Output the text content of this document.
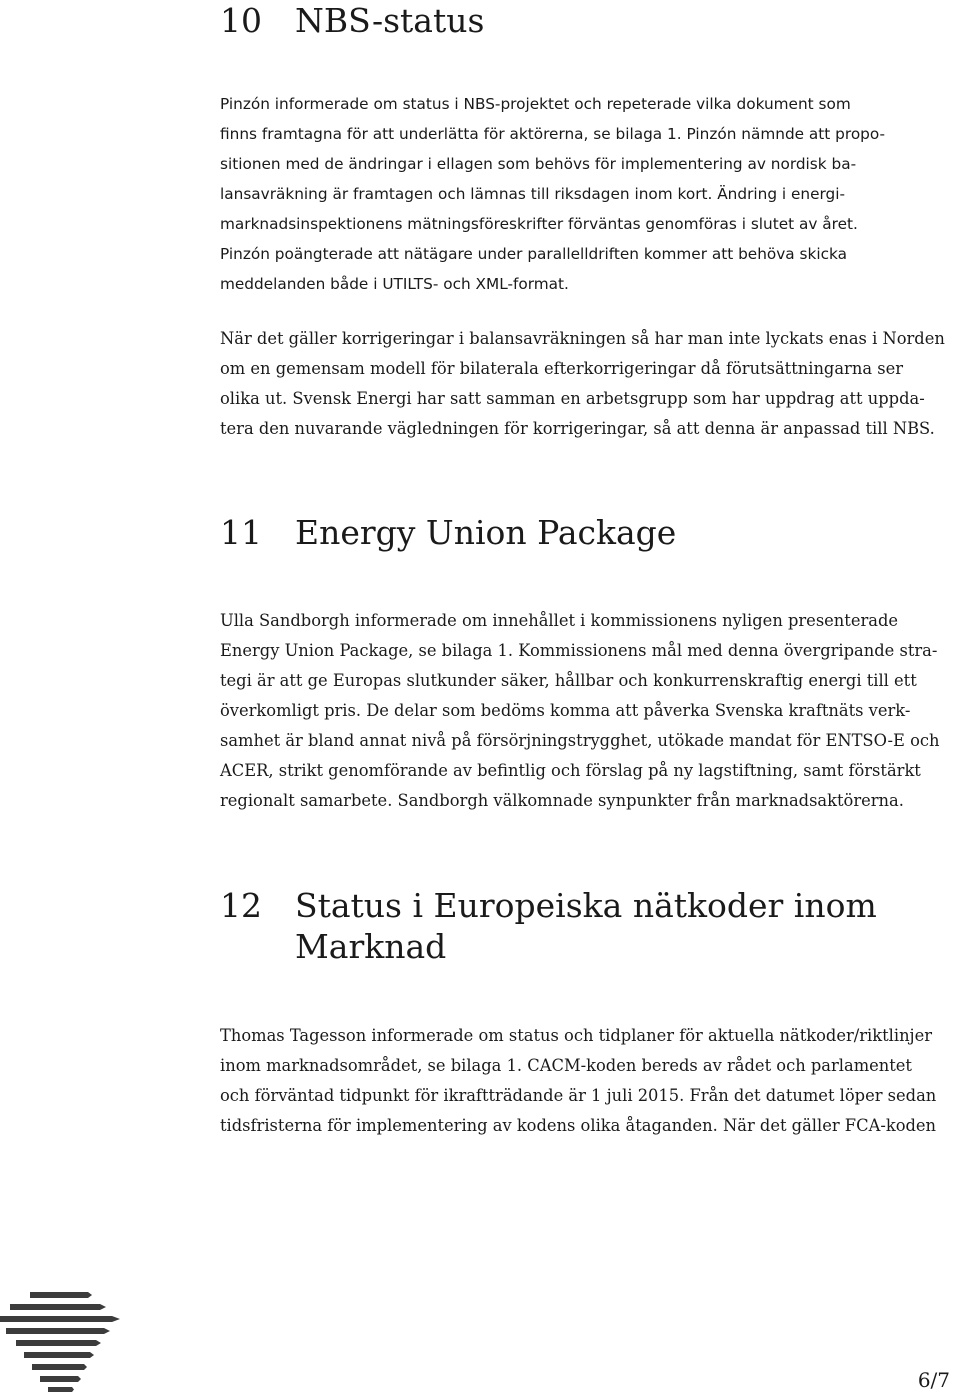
10	NBS-status

Pinzón informerade om status i NBS-projektet och repeterade vilka dokument som
finns framtagna för att underlätta för aktörerna, se bilaga 1. Pinzón nämnde att propo-
sitionen med de ändringar i ellagen som behövs för implementering av nordisk ba-
lansavräkning är framtagen och lämnas till riksdagen inom kort. Ändring i energi-
marknadsinspektionens mätningsföreskrifter förväntas genomföras i slutet av året.
Pinzón poängterade att nätägare under parallelldriften kommer att behöva skicka
meddelanden både i UTILTS- och XML-format.

När det gäller korrigeringar i balansavräkningen så har man inte lyckats enas i Norden
om en gemensam modell för bilaterala efterkorrigeringar då förutsättningarna ser
olika ut. Svensk Energi har satt samman en arbetsgrupp som har uppdrag att uppda-
tera den nuvarande vägledningen för korrigeringar, så att denna är anpassad till NBS.

11	Energy Union Package

Ulla Sandborgh informerade om innehållet i kommissionens nyligen presenterade
Energy Union Package, se bilaga 1. Kommissionens mål med denna övergripande stra-
tegi är att ge Europas slutkunder säker, hållbar och konkurrenskraftig energi till ett
överkomligt pris. De delar som bedöms komma att påverka Svenska kraftnäts verk-
samhet är bland annat nivå på försörjningstrygghet, utökade mandat för ENTSO-E och
ACER, strikt genomförande av befintlig och förslag på ny lagstiftning, samt förstärkt
regionalt samarbete. Sandborgh välkomnade synpunkter från marknadsaktörerna.

12	Status i Europeiska nätkoder inom Marknad

Thomas Tagesson informerade om status och tidplaner för aktuella nätkoder/riktlinjer
inom marknadsområdet, se bilaga 1. CACM-koden bereds av rådet och parlamentet
och förväntad tidpunkt för ikraftträdande är 1 juli 2015. Från det datumet löper sedan
tidsfristerna för implementering av kodens olika åtaganden. När det gäller FCA-koden

6/7
